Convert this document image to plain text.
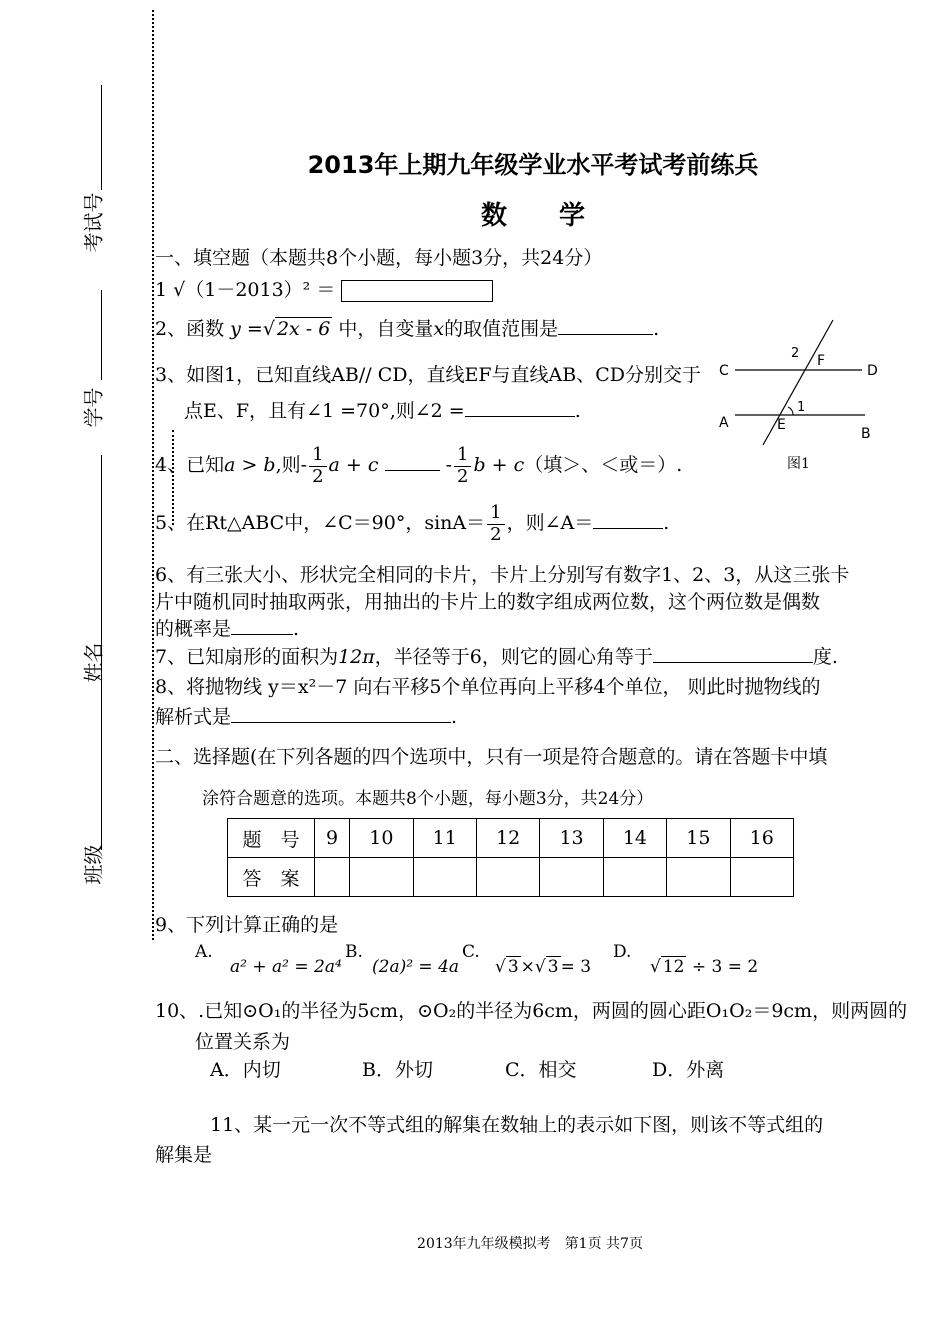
考试号
学号
姓名
班级
2013年上期九年级学业水平考试考前练兵
数　　学
一、填空题（本题共8个小题，每小题3分，共24分）
1 √（1－2013）² ＝
2、函数 y =√ 2x - 6 中，自变量x的取值范围是	.
3、如图1，已知直线AB// CD，直线EF与直线AB、CD分别交于
点E、F，且有∠1 =70°,则∠2 =	.
C	D
A
B
E
F
1
2
图1
4、已知a > b,则- $\frac{1}{2}$ a + c	- $\frac{1}{2}$ b + c（填＞、＜或＝）.
5、在Rt△ABC中，∠C＝90°，$\sin A= \frac{1}{2}$ ，则∠A＝	.
6、有三张大小、形状完全相同的卡片，卡片上分别写有数字1、2、3，从这三张卡
片中随机同时抽取两张，用抽出的卡片上的数字组成两位数，这个两位数是偶数
的概率是	.
7、已知扇形的面积为12π，半径等于6，则它的圆心角等于	度.
8、将抛物线 y＝x²－7 向右平移5个单位再向上平移4个单位， 则此时抛物线的
解析式是	.
二、选择题(在下列各题的四个选项中，只有一项是符合题意的。请在答题卡中填
涂符合题意的选项。本题共8个小题，每小题3分，共24分）
题　号	9	10	11	12	13	14	15	16
答　案								
9、下列计算正确的是
A.
a² + a² = 2a⁴
B.
(2a)² = 4a
C.
√ 3 ×√ 3 = 3
D.
√ 12 ÷ 3 = 2
10、.已知⊙O₁的半径为5cm，⊙O₂的半径为6cm，两圆的圆心距O₁O₂＝9cm，则两圆的
位置关系为
A．内切	B．外切	C．相交	D．外离
11、某一元一次不等式组的解集在数轴上的表示如下图，则该不等式组的
解集是
2013年九年级模拟考　第1页 共7页
